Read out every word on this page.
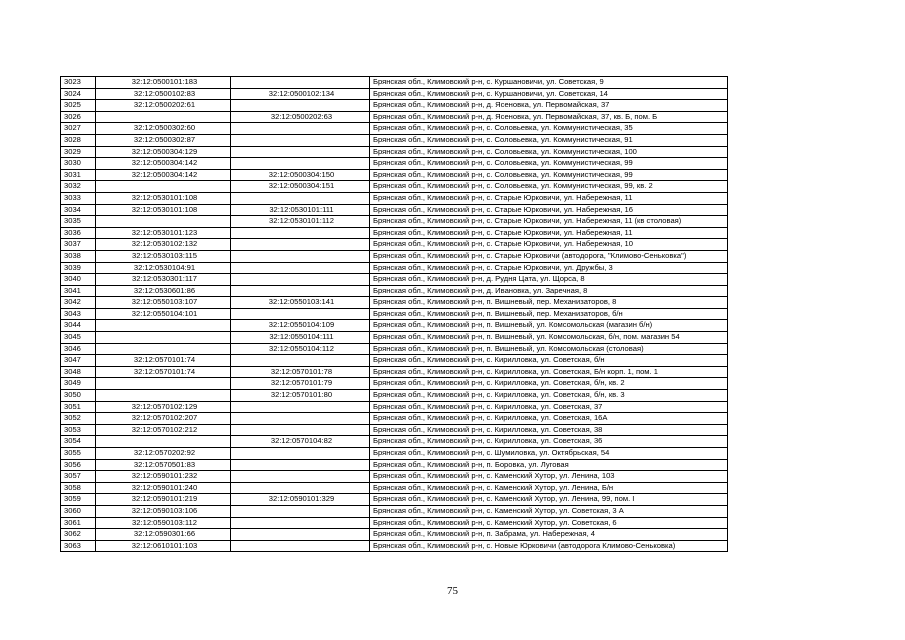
3023	32:12:0500101:183		Брянская обл., Климовский р-н, с. Куршановичи, ул. Советская, 9
3024	32:12:0500102:83	32:12:0500102:134	Брянская обл., Климовский р-н, с. Куршановичи, ул. Советская, 14
3025	32:12:0500202:61		Брянская обл., Климовский р-н, д. Ясеновка, ул. Первомайская, 37
3026		32:12:0500202:63	Брянская обл., Климовский р-н, д. Ясеновка, ул. Первомайская, 37, кв. Б, пом. Б
3027	32:12:0500302:60		Брянская обл., Климовский р-н, с. Соловьевка, ул. Коммунистическая, 35
3028	32:12:0500302:87		Брянская обл., Климовский р-н, с. Соловьевка, ул. Коммунистическая, 91
3029	32:12:0500304:129		Брянская обл., Климовский р-н, с. Соловьевка, ул. Коммунистическая, 100
3030	32:12:0500304:142		Брянская обл., Климовский р-н, с. Соловьевка, ул. Коммунистическая, 99
3031	32:12:0500304:142	32:12:0500304:150	Брянская обл., Климовский р-н, с. Соловьевка, ул. Коммунистическая, 99
3032		32:12:0500304:151	Брянская обл., Климовский р-н, с. Соловьевка, ул. Коммунистическая, 99, кв. 2
3033	32:12:0530101:108		Брянская обл., Климовский р-н, с. Старые Юрковичи, ул. Набережная, 11
3034	32:12:0530101:108	32:12:0530101:111	Брянская обл., Климовский р-н, с. Старые Юрковичи, ул. Набережная, 16
3035		32:12:0530101:112	Брянская обл., Климовский р-н, с. Старые Юрковичи, ул. Набережная, 11 (кв столовая)
3036	32:12:0530101:123		Брянская обл., Климовский р-н, с. Старые Юрковичи, ул. Набережная, 11
3037	32:12:0530102:132		Брянская обл., Климовский р-н, с. Старые Юрковичи, ул. Набережная, 10
3038	32:12:0530103:115		Брянская обл., Климовский р-н, с. Старые Юрковичи (автодорога, "Климово-Сеньковка")
3039	32:12:0530104:91		Брянская обл., Климовский р-н, с. Старые Юрковичи, ул. Дружбы, 3
3040	32:12:0530301:117		Брянская обл., Климовский р-н, д. Рудня Цата, ул. Щорса, 8
3041	32:12:0530601:86		Брянская обл., Климовский р-н, д. Ивановка, ул. Заречная, 8
3042	32:12:0550103:107	32:12:0550103:141	Брянская обл., Климовский р-н, п. Вишневый, пер. Механизаторов, 8
3043	32:12:0550104:101		Брянская обл., Климовский р-н, п. Вишневый, пер. Механизаторов, б/н
3044		32:12:0550104:109	Брянская обл., Климовский р-н, п. Вишневый, ул. Комсомольская (магазин б/н)
3045		32:12:0550104:111	Брянская обл., Климовский р-н, п. Вишневый, ул. Комсомольская, б/н, пом. магазин 54
3046		32:12:0550104:112	Брянская обл., Климовский р-н, п. Вишневый, ул. Комсомольская (столовая)
3047	32:12:0570101:74		Брянская обл., Климовский р-н, с. Кирилловка, ул. Советская, б/н
3048	32:12:0570101:74	32:12:0570101:78	Брянская обл., Климовский р-н, с. Кирилловка, ул. Советская, Б/н корп. 1, пом. 1
3049		32:12:0570101:79	Брянская обл., Климовский р-н, с. Кирилловка, ул. Советская, б/н, кв. 2
3050		32:12:0570101:80	Брянская обл., Климовский р-н, с. Кирилловка, ул. Советская, б/н, кв. 3
3051	32:12:0570102:129		Брянская обл., Климовский р-н, с. Кирилловка, ул. Советская, 37
3052	32:12:0570102:207		Брянская обл., Климовский р-н, с. Кирилловка, ул. Советская, 16А
3053	32:12:0570102:212		Брянская обл., Климовский р-н, с. Кирилловка, ул. Советская, 38
3054		32:12:0570104:82	Брянская обл., Климовский р-н, с. Кирилловка, ул. Советская, 36
3055	32:12:0570202:92		Брянская обл., Климовский р-н, с. Шумиловка, ул. Октябрьская, 54
3056	32:12:0570501:83		Брянская обл., Климовский р-н, п. Боровка, ул. Луговая
3057	32:12:0590101:232		Брянская обл., Климовский р-н, с. Каменский Хутор, ул. Ленина, 103
3058	32:12:0590101:240		Брянская обл., Климовский р-н, с. Каменский Хутор, ул. Ленина, Б/н
3059	32:12:0590101:219	32:12:0590101:329	Брянская обл., Климовский р-н, с. Каменский Хутор, ул. Ленина, 99, пом. I
3060	32:12:0590103:106		Брянская обл., Климовский р-н, с. Каменский Хутор, ул. Советская, 3 А
3061	32:12:0590103:112		Брянская обл., Климовский р-н, с. Каменский Хутор, ул. Советская, 6
3062	32:12:0590301:66		Брянская обл., Климовский р-н, п. Забрама, ул. Набережная, 4
3063	32:12:0610101:103		Брянская обл., Климовский р-н, с. Новые Юрковичи (автодорога Климово-Сеньковка)
75
